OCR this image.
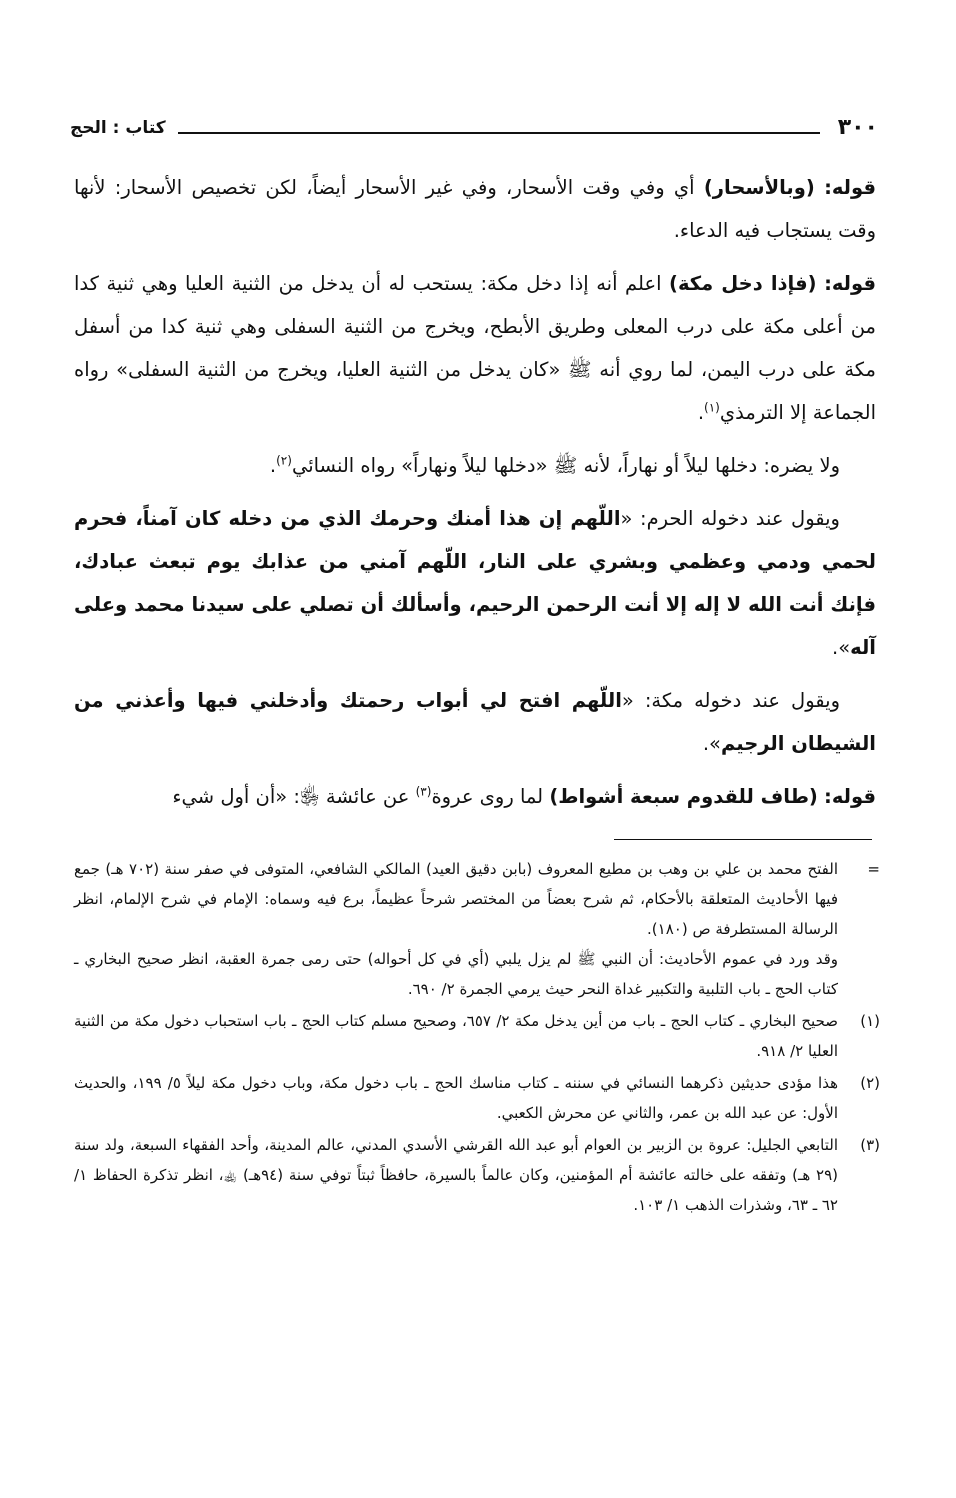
٣٠٠
كتاب : الحج

قوله: (وبالأسحار) أي وفي وقت الأسحار، وفي غير الأسحار أيضاً، لكن تخصيص الأسحار: لأنها وقت يستجاب فيه الدعاء.

قوله: (فإذا دخل مكة) اعلم أنه إذا دخل مكة: يستحب له أن يدخل من الثنية العليا وهي ثنية كدا من أعلى مكة على درب المعلى وطريق الأبطح، ويخرج من الثنية السفلى وهي ثنية كدا من أسفل مكة على درب اليمن، لما روي أنه ﷺ «كان يدخل من الثنية العليا، ويخرج من الثنية السفلى» رواه الجماعة إلا الترمذي$^{(١)}$.

ولا يضره: دخلها ليلاً أو نهاراً، لأنه ﷺ «دخلها ليلاً ونهاراً» رواه النسائي$^{(٢)}$.

ويقول عند دخوله الحرم: «اللّهم إن هذا أمنك وحرمك الذي من دخله كان آمناً، فحرم لحمي ودمي وعظمي وبشري على النار، اللّهم آمني من عذابك يوم تبعث عبادك، فإنك أنت الله لا إله إلا أنت الرحمن الرحيم، وأسألك أن تصلي على سيدنا محمد وعلى آله».

ويقول عند دخوله مكة: «اللّهم افتح لي أبواب رحمتك وأدخلني فيها وأعذني من الشيطان الرجيم».

قوله: (طاف للقدوم سبعة أشواط) لما روى عروة$^{(٣)}$ عن عائشة ﵂: «أن أول شيء

=

الفتح محمد بن علي بن وهب بن مطيع المعروف (بابن دقيق العيد) المالكي الشافعي، المتوفى في صفر سنة (٧٠٢ هـ) جمع فيها الأحاديث المتعلقة بالأحكام، ثم شرح بعضاً من المختصر شرحاً عظيماً، برع فيه وسماه: الإمام في شرح الإلمام، انظر الرسالة المستطرفة ص (١٨٠).

وقد ورد في عموم الأحاديث: أن النبي ﷺ لم يزل يلبي (أي في كل أحواله) حتى رمى جمرة العقبة، انظر صحيح البخاري ـ كتاب الحج ـ باب التلبية والتكبير غداة النحر حيث يرمي الجمرة ٢/ ٦٩٠.

(١)

صحيح البخاري ـ كتاب الحج ـ باب من أين يدخل مكة ٢/ ٦٥٧، وصحيح مسلم كتاب الحج ـ باب استحباب دخول مكة من الثنية العليا ٢/ ٩١٨.

(٢)

هذا مؤدى حديثين ذكرهما النسائي في سننه ـ كتاب مناسك الحج ـ باب دخول مكة، وباب دخول مكة ليلاً ٥/ ١٩٩، والحديث الأول: عن عبد الله بن عمر، والثاني عن محرش الكعبي.

(٣)

التابعي الجليل: عروة بن الزبير بن العوام أبو عبد الله القرشي الأسدي المدني، عالم المدينة، وأحد الفقهاء السبعة، ولد سنة (٢٩ هـ) وتفقه على خالته عائشة أم المؤمنين، وكان عالماً بالسيرة، حافظاً ثبتاً توفي سنة (٩٤هـ) ﵀، انظر تذكرة الحفاظ ١/ ٦٢ ـ ٦٣، وشذرات الذهب ١/ ١٠٣.
